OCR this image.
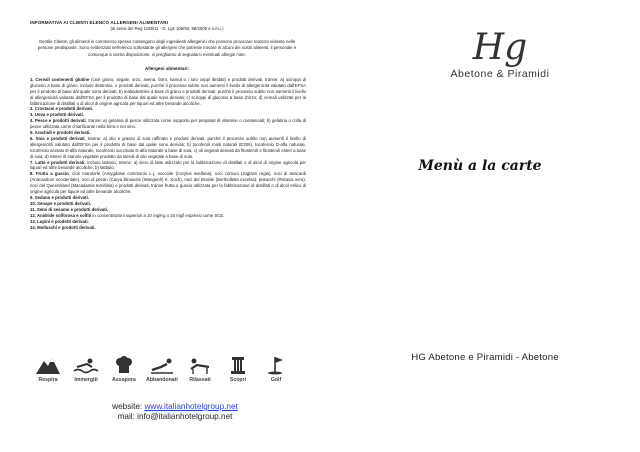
INFORMATIVA AI CLIENTI ELENCO ALLERGENI ALIMENTARI
(ai sensi del Reg 1169/11 - D. Lgs 109/92, 88/2009 e s.m.i.)
Gentile Cliente, gli alimenti in commercio spesso contengono degli ingredienti allergenici che possono provocare reazioni violente nelle persone predisposte. Sono evidenziati nell'elenco sottostante gli allergeni che potreste trovare in alcuni dei nostri alimenti; il personale è comunque a vostra disposizione, vi preghiamo di segnalarci eventuali allergie note.
Allergeni alimentari:
1. Cereali contenenti glutine (cioè grano, segale, orzo, avena, farro, kamut o i loro ceppi ibridati) e prodotti derivati, tranne: a) sciroppi di glucosio a base di grano, incluso destrosio, e prodotti derivati, purché il processo subito non aumenti il livello di allergenicità valutato dall'EFSA per il prodotto di base dal quale sono derivati; b) maltodestrine a base di grano e prodotti derivati, purché il processo subito non aumenti il livello di allergenicità valutato dall'EFSA per il prodotto di base dal quale sono derivati; c) sciroppi di glucosio a base d'orzo; d) cereali utilizzati per la fabbricazione di distillati o di alcol di origine agricola per liquori ed altre bevande alcoliche.
2. Crostacei e prodotti derivati.
3. Uova e prodotti derivati.
4. Pesce e prodotti derivati, tranne: a) gelatina di pesce utilizzata come supporto per preparati di vitamine o carotenoidi; b) gelatina o colla di pesce utilizzata come chiarificante nella birra e nel vino.
5. Arachidi e prodotti derivati.
6. Soia e prodotti derivati, tranne: a) olio e grasso di soia raffinato e prodotti derivati, purché il processo subito non aumenti il livello di allergenicità valutato dall'EFSA per il prodotto di base dal quale sono derivati; b) tocoferoli misti naturali (E306), tocoferolo D-alfa naturale, tocoferolo acetato D-alfa naturale, tocoferolo succinato D-alfa naturale a base di soia; c) oli vegetali derivati da fitosteroli e fitosteroli esteri a base di soia; d) estere di stanolo vegetale prodotto da steroli di olio vegetale a base di soia.
7. Latte e prodotti derivati, incluso lattosio, tranne: a) siero di latte utilizzato per la fabbricazione di distillati o di alcol di origine agricola per liquori ed altre bevande alcoliche; b) lattitolo.
8. Frutta a guscio, cioè mandorle (Amygdalus communis L.), nocciole (Corylus avellana), noci comuni (Juglans regia), noci di anacardi (Anacardium occidentale), noci di pecan (Carya illinoiesis (Wangenh) K. Koch), noci del Brasile (Bertholletia excelsa), pistacchi (Pistacia vera), noci del Queensland (Macadamia ternifolia) e prodotti derivati, tranne frutta a guscio utilizzata per la fabbricazione di distillati o di alcol etilico di origine agricola per liquori ed altre bevande alcoliche.
9. Sedano e prodotti derivati.
10. Senape e prodotti derivati.
11. Semi di sesamo e prodotti derivati.
12. Anidride solforosa e solfiti in concentrazioni superiori a 10 mg/Kg o 10 mg/l espressi come SO2.
13. Lupini e prodotti derivati.
14. Molluschi e prodotti derivati.
Respira	Immergiti	Assapora	Abbandonati	Rilassati	Scopri	Golf
website: www.italianhotelgroup.net
mail: info@italianhotelgroup.net
Hg
Abetone & Piramidi
Menù a la carte
HG Abetone e Piramidi - Abetone
